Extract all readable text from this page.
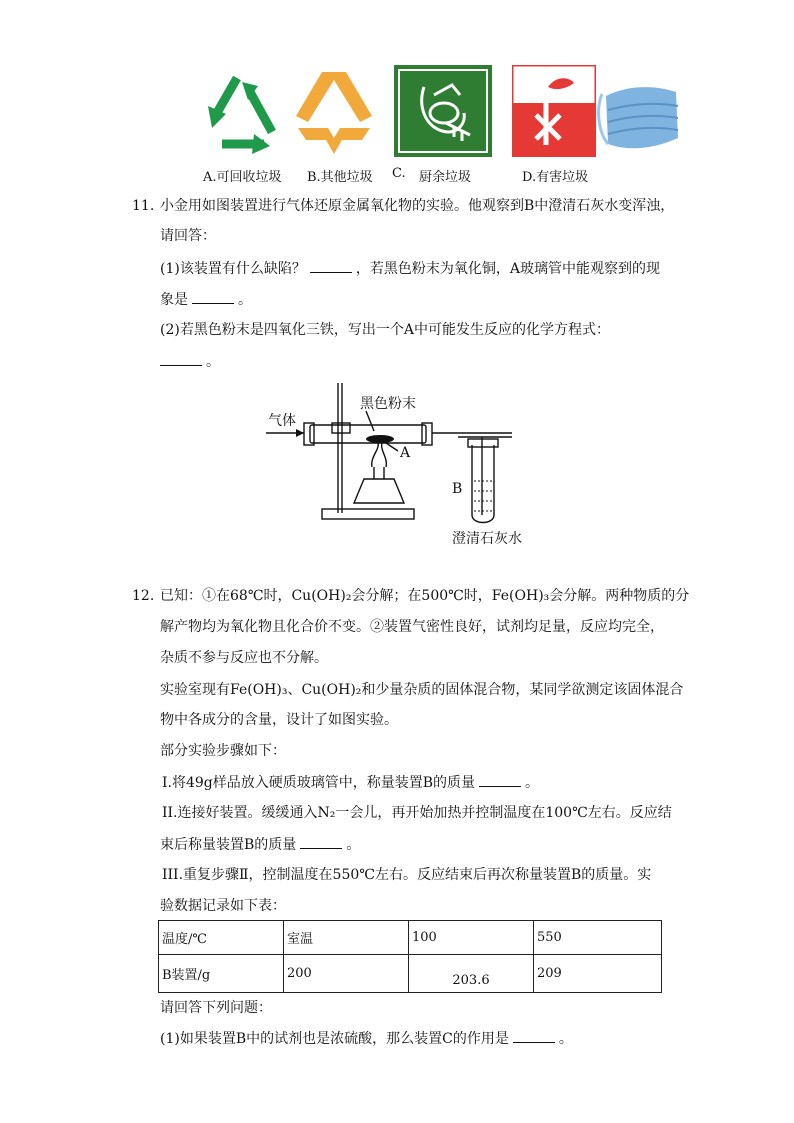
A.可回收垃圾 B.其他垃圾 C. 厨余垃圾	D.有害垃圾
11. 小金用如图装置进行气体还原金属氧化物的实验。他观察到B中澄清石灰水变浑浊，
请回答：
(1)该装置有什么缺陷？	，若黑色粉末为氧化铜，A玻璃管中能观察到的现
象是	。
(2)若黑色粉末是四氧化三铁，写出一个A中可能发生反应的化学方程式：
。
气体
黑色粉末
A
B
澄清石灰水
12. 已知：①在68℃时，Cu(OH)₂会分解；在500℃时，Fe(OH)₃会分解。两种物质的分
解产物均为氧化物且化合价不变。②装置气密性良好，试剂均足量，反应均完全，
杂质不参与反应也不分解。
实验室现有Fe(OH)₃、Cu(OH)₂和少量杂质的固体混合物，某同学欲测定该固体混合
物中各成分的含量，设计了如图实验。
部分实验步骤如下：
I.将49g样品放入硬质玻璃管中，称量装置B的质量	。
II.连接好装置。缓缓通入N₂一会儿，再开始加热并控制温度在100℃左右。反应结
束后称量装置B的质量	。
III.重复步骤Ⅱ，控制温度在550℃左右。反应结束后再次称量装置B的质量。实
验数据记录如下表：
温度/℃	室温	100	550
B装置/g	200	203.6	209
请回答下列问题：
(1)如果装置B中的试剂也是浓硫酸，那么装置C的作用是	。
